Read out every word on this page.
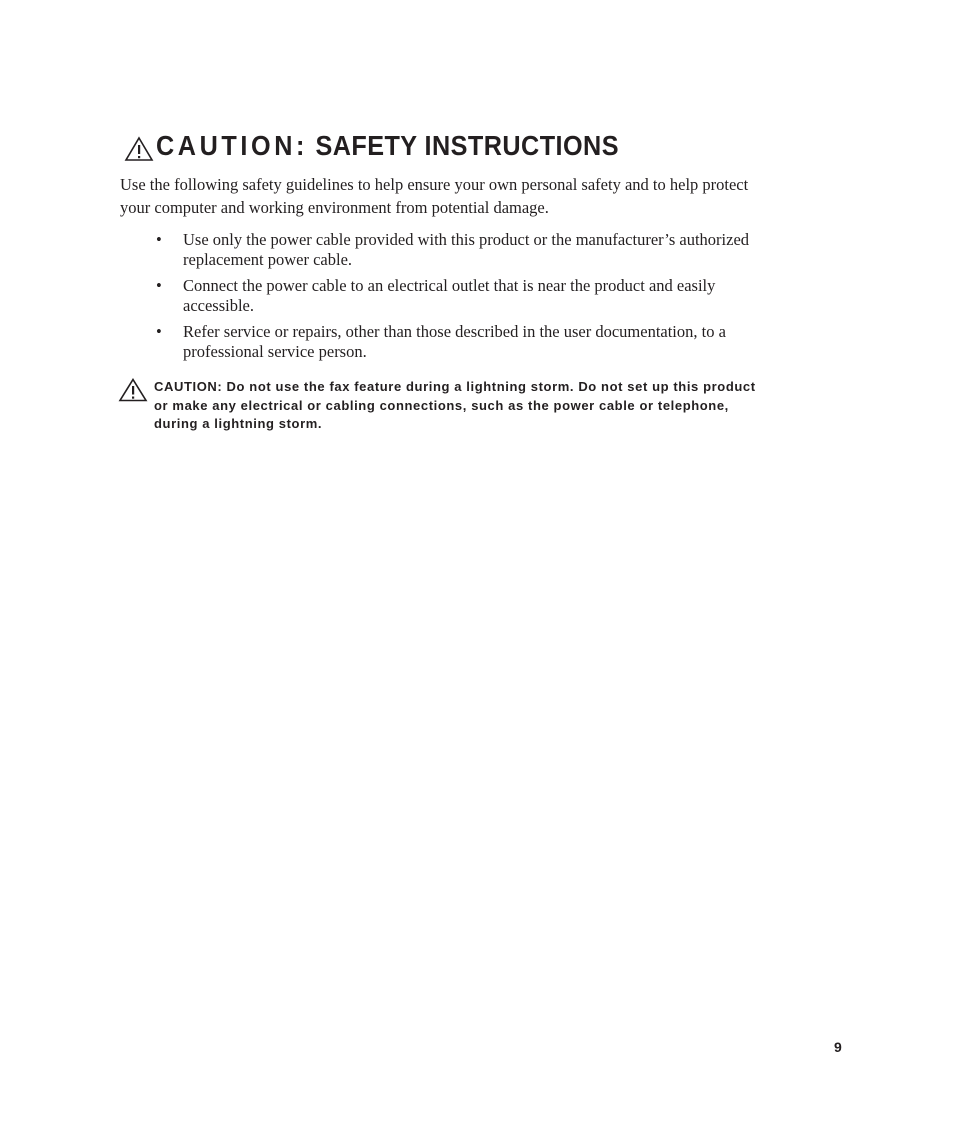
CAUTION: SAFETY INSTRUCTIONS

Use the following safety guidelines to help ensure your own personal safety and to help protect your computer and working environment from potential damage.

• Use only the power cable provided with this product or the manufacturer’s authorized replacement power cable.
• Connect the power cable to an electrical outlet that is near the product and easily accessible.
• Refer service or repairs, other than those described in the user documentation, to a professional service person.
CAUTION: Do not use the fax feature during a lightning storm. Do not set up this product or make any electrical or cabling connections, such as the power cable or telephone, during a lightning storm.
9
